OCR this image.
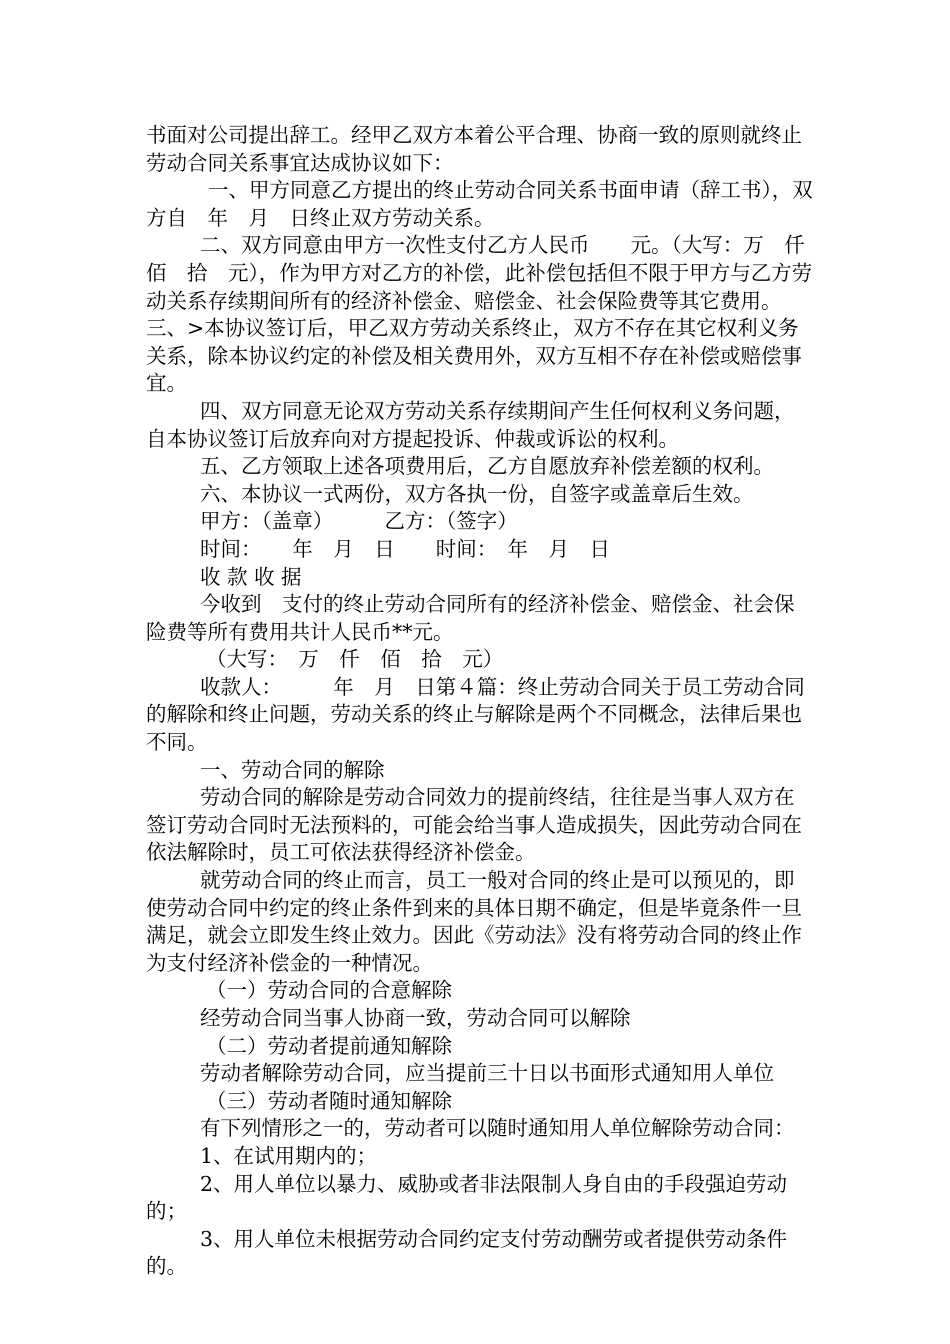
书面对公司提出辞工。经甲乙双方本着公平合理、协商一致的原则就终止劳动合同关系事宜达成协议如下：

一、甲方同意乙方提出的终止劳动合同关系书面申请（辞工书），双方自　年　月　日终止双方劳动关系。

二、双方同意由甲方一次性支付乙方人民币　　元。（大写：万　仟　佰　拾　元），作为甲方对乙方的补偿，此补偿包括但不限于甲方与乙方劳动关系存续期间所有的经济补偿金、赔偿金、社会保险费等其它费用。三、>本协议签订后，甲乙双方劳动关系终止，双方不存在其它权利义务关系，除本协议约定的补偿及相关费用外，双方互相不存在补偿或赔偿事宜。

四、双方同意无论双方劳动关系存续期间产生任何权利义务问题，自本协议签订后放弃向对方提起投诉、仲裁或诉讼的权利。

五、乙方领取上述各项费用后，乙方自愿放弃补偿差额的权利。

六、本协议一式两份，双方各执一份，自签字或盖章后生效。

甲方：（盖章）　　　乙方：（签字）

时间：　　年　月　日　　时间：　年　月　日

收 款 收 据

今收到　支付的终止劳动合同所有的经济补偿金、赔偿金、社会保险费等所有费用共计人民币**元。

（大写：　万　仟　佰　拾　元）

收款人：　　　年　月　日第４篇：终止劳动合同关于员工劳动合同的解除和终止问题，劳动关系的终止与解除是两个不同概念，法律后果也不同。

一、劳动合同的解除

劳动合同的解除是劳动合同效力的提前终结，往往是当事人双方在签订劳动合同时无法预料的，可能会给当事人造成损失，因此劳动合同在依法解除时，员工可依法获得经济补偿金。

就劳动合同的终止而言，员工一般对合同的终止是可以预见的，即使劳动合同中约定的终止条件到来的具体日期不确定，但是毕竟条件一旦满足，就会立即发生终止效力。因此《劳动法》没有将劳动合同的终止作为支付经济补偿金的一种情况。

（一）劳动合同的合意解除

经劳动合同当事人协商一致，劳动合同可以解除

（二）劳动者提前通知解除

劳动者解除劳动合同，应当提前三十日以书面形式通知用人单位

（三）劳动者随时通知解除

有下列情形之一的，劳动者可以随时通知用人单位解除劳动合同：

1、在试用期内的；

2、用人单位以暴力、威胁或者非法限制人身自由的手段强迫劳动的；

3、用人单位未根据劳动合同约定支付劳动酬劳或者提供劳动条件的。
